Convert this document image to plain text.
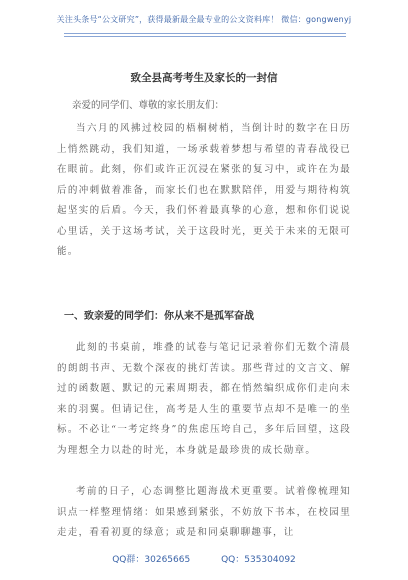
关注头条号“公文研究”，获得最新最全最专业的公文资料库！ 微信：gongwenyj
致全县高考考生及家长的一封信
亲爱的同学们、尊敬的家长朋友们：
当六月的风拂过校园的梧桐树梢，当倒计时的数字在日历上悄然跳动，我们知道，一场承载着梦想与希望的青春战役已在眼前。此刻，你们或许正沉浸在紧张的复习中，或许在为最后的冲刺做着准备，而家长们也在默默陪伴，用爱与期待构筑起坚实的后盾。今天，我们怀着最真挚的心意，想和你们说说心里话，关于这场考试，关于这段时光，更关于未来的无限可能。
一、致亲爱的同学们：你从来不是孤军奋战
此刻的书桌前，堆叠的试卷与笔记记录着你们无数个清晨的朗朗书声、无数个深夜的挑灯苦读。那些背过的文言文、解过的函数题、默记的元素周期表，都在悄然编织成你们走向未来的羽翼。但请记住，高考是人生的重要节点却不是唯一的坐标。不必让“一考定终身”的焦虑压垮自己，多年后回望，这段为理想全力以赴的时光，本身就是最珍贵的成长勋章。
考前的日子，心态调整比题海战术更重要。试着像梳理知识点一样整理情绪：如果感到紧张，不妨放下书本，在校园里走走，看看初夏的绿意；或是和同桌聊聊趣事，让
QQ群：30265665	QQ：535304092
